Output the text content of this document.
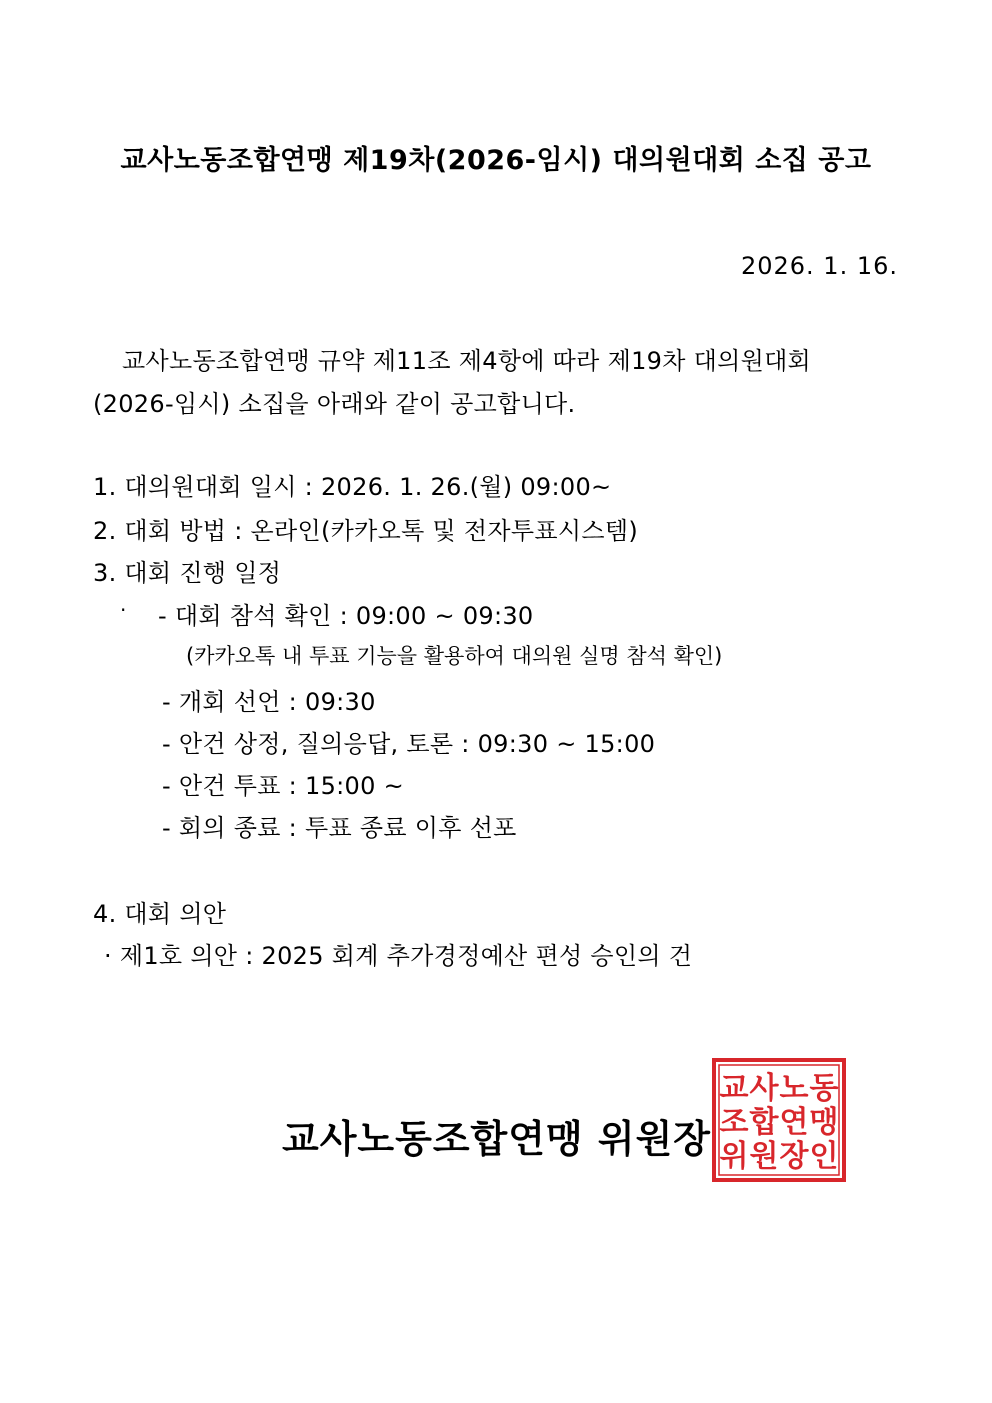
교사노동조합연맹 제19차(2026-임시) 대의원대회 소집 공고
2026. 1. 16.
교사노동조합연맹 규약 제11조 제4항에 따라 제19차 대의원대회
(2026-임시) 소집을 아래와 같이 공고합니다.
1. 대의원대회 일시 : 2026. 1. 26.(월) 09:00~
2. 대회 방법 : 온라인(카카오톡 및 전자투표시스템)
3. 대회 진행 일정
· - 대회 참석 확인 : 09:00 ~ 09:30
(카카오톡 내 투표 기능을 활용하여 대의원 실명 참석 확인)
- 개회 선언 : 09:30
- 안건 상정, 질의응답, 토론 : 09:30 ~ 15:00
- 안건 투표 : 15:00 ~
- 회의 종료 : 투표 종료 이후 선포
4. 대회 의안
· 제1호 의안 : 2025 회계 추가경정예산 편성 승인의 건
교사노동조합연맹 위원장
동
맹
인
노
연
장
사
합
원
교
조
위
